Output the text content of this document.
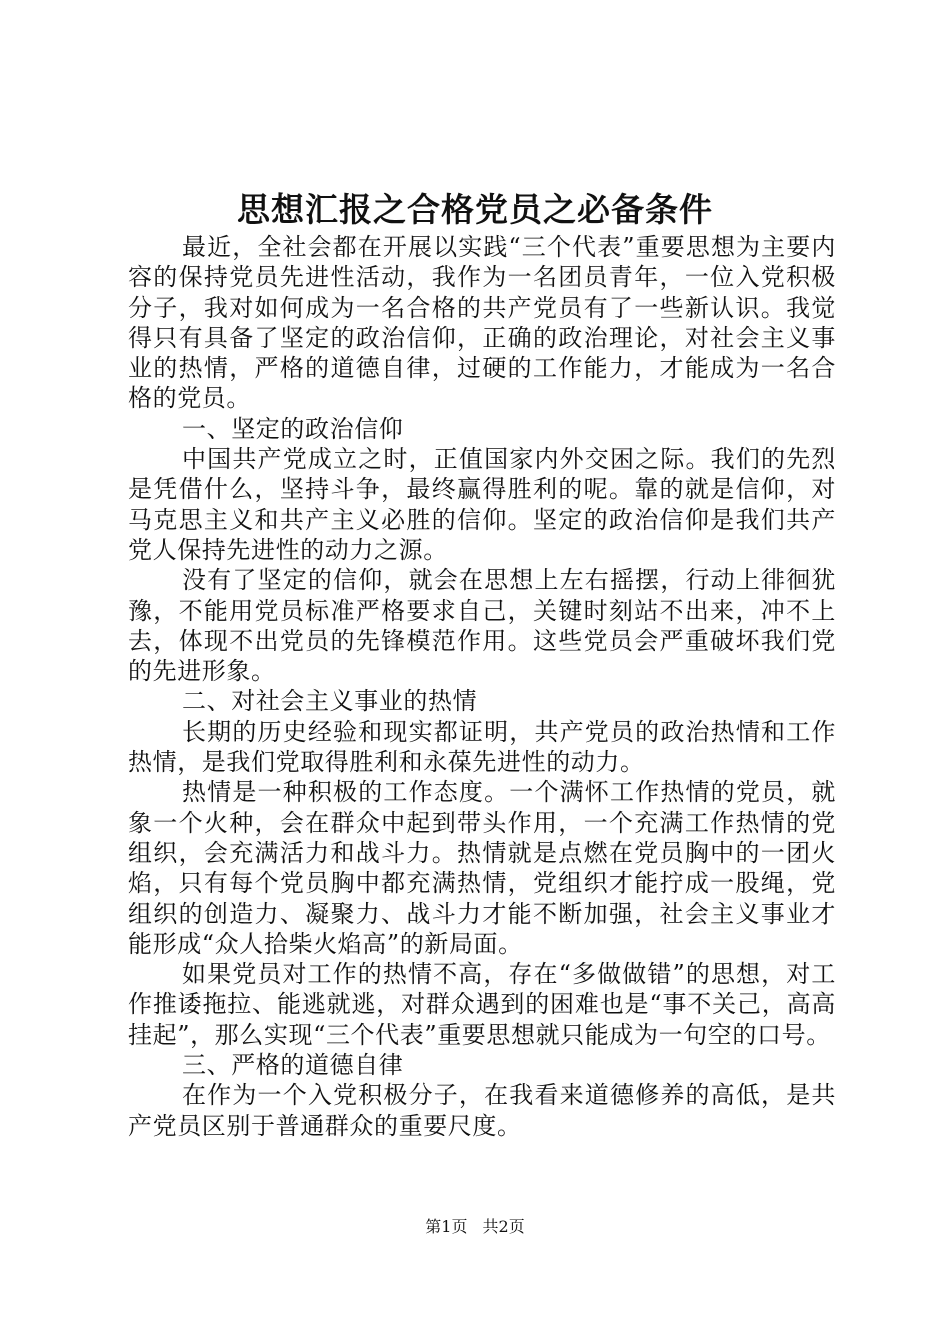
思想汇报之合格党员之必备条件

最近，全社会都在开展以实践“三个代表”重要思想为主要内容的保持党员先进性活动，我作为一名团员青年，一位入党积极分子，我对如何成为一名合格的共产党员有了一些新认识。我觉得只有具备了坚定的政治信仰，正确的政治理论，对社会主义事业的热情，严格的道德自律，过硬的工作能力，才能成为一名合格的党员。

一、坚定的政治信仰

中国共产党成立之时，正值国家内外交困之际。我们的先烈是凭借什么，坚持斗争，最终赢得胜利的呢。靠的就是信仰，对马克思主义和共产主义必胜的信仰。坚定的政治信仰是我们共产党人保持先进性的动力之源。

没有了坚定的信仰，就会在思想上左右摇摆，行动上徘徊犹豫，不能用党员标准严格要求自己，关键时刻站不出来，冲不上去，体现不出党员的先锋模范作用。这些党员会严重破坏我们党的先进形象。

二、对社会主义事业的热情

长期的历史经验和现实都证明，共产党员的政治热情和工作热情，是我们党取得胜利和永葆先进性的动力。

热情是一种积极的工作态度。一个满怀工作热情的党员，就象一个火种，会在群众中起到带头作用，一个充满工作热情的党组织，会充满活力和战斗力。热情就是点燃在党员胸中的一团火焰，只有每个党员胸中都充满热情，党组织才能拧成一股绳，党组织的创造力、凝聚力、战斗力才能不断加强，社会主义事业才能形成“众人拾柴火焰高”的新局面。

如果党员对工作的热情不高，存在“多做做错”的思想，对工作推诿拖拉、能逃就逃，对群众遇到的困难也是“事不关己，高高挂起”，那么实现“三个代表”重要思想就只能成为一句空的口号。

三、严格的道德自律

在作为一个入党积极分子，在我看来道德修养的高低，是共产党员区别于普通群众的重要尺度。

第1页 共2页
